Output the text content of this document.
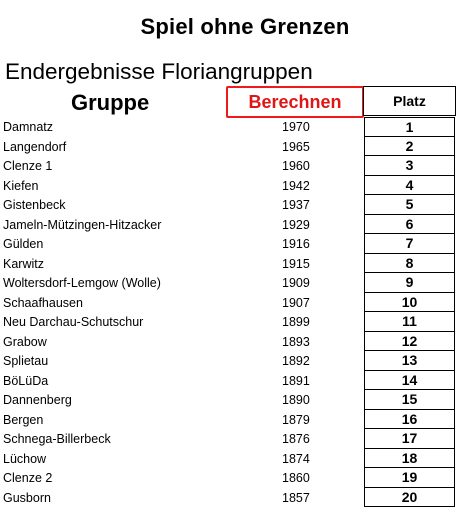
Spiel ohne Grenzen
Endergebnisse Floriangruppen
Gruppe	Berechnen	Platz
Damnatz	1970	1
Langendorf	1965	2
Clenze 1	1960	3
Kiefen	1942	4
Gistenbeck	1937	5
Jameln-Mützingen-Hitzacker	1929	6
Gülden	1916	7
Karwitz	1915	8
Woltersdorf-Lemgow (Wolle)	1909	9
Schaafhausen	1907	10
Neu Darchau-Schutschur	1899	11
Grabow	1893	12
Splietau	1892	13
BöLüDa	1891	14
Dannenberg	1890	15
Bergen	1879	16
Schnega-Billerbeck	1876	17
Lüchow	1874	18
Clenze 2	1860	19
Gusborn	1857	20
